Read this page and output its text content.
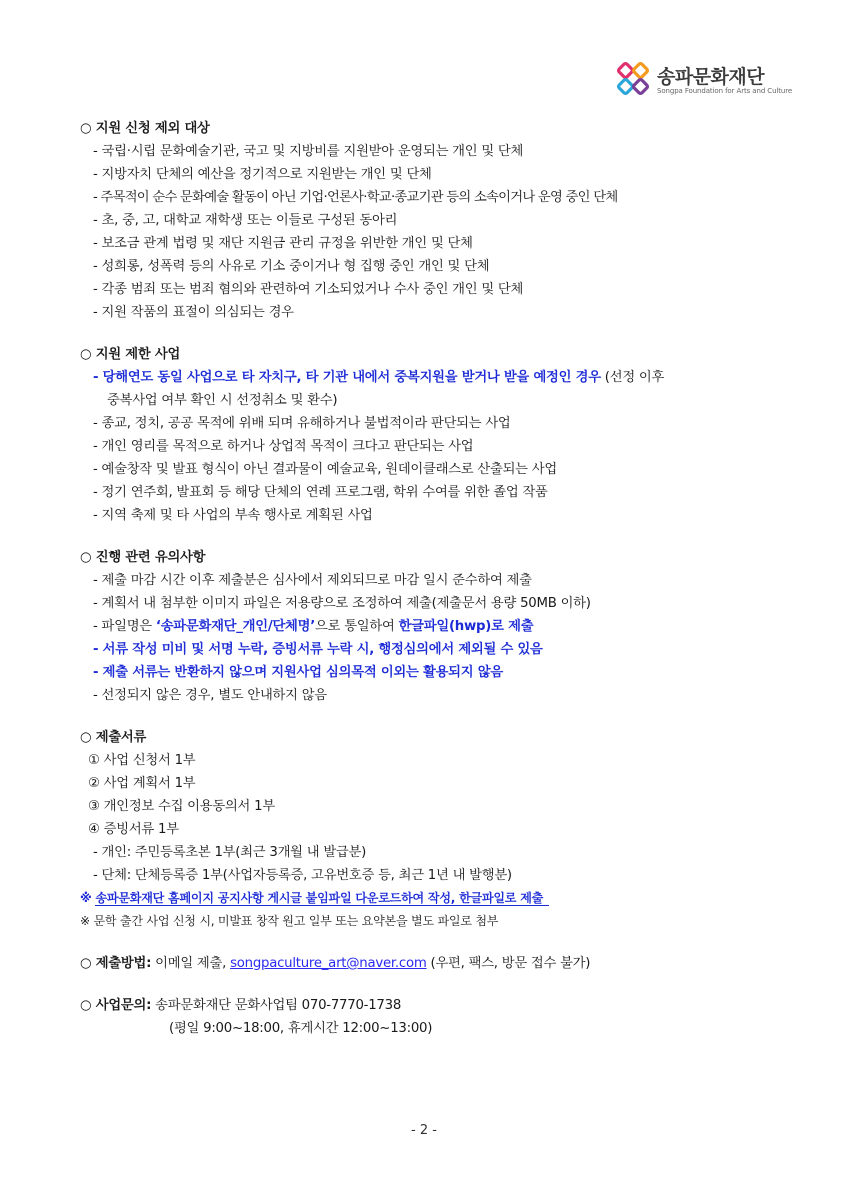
송파문화재단
Songpa Foundation for Arts and Culture
○ 지원 신청 제외 대상
- 국립·시립 문화예술기관, 국고 및 지방비를 지원받아 운영되는 개인 및 단체
- 지방자치 단체의 예산을 정기적으로 지원받는 개인 및 단체
- 주목적이 순수 문화예술 활동이 아닌 기업·언론사·학교·종교기관 등의 소속이거나 운영 중인 단체
- 초, 중, 고, 대학교 재학생 또는 이들로 구성된 동아리
- 보조금 관계 법령 및 재단 지원금 관리 규정을 위반한 개인 및 단체
- 성희롱, 성폭력 등의 사유로 기소 중이거나 형 집행 중인 개인 및 단체
- 각종 범죄 또는 범죄 혐의와 관련하여 기소되었거나 수사 중인 개인 및 단체
- 지원 작품의 표절이 의심되는 경우
○ 지원 제한 사업
- 당해연도 동일 사업으로 타 자치구, 타 기관 내에서 중복지원을 받거나 받을 예정인 경우 (선정 이후
중복사업 여부 확인 시 선정취소 및 환수)
- 종교, 정치, 공공 목적에 위배 되며 유해하거나 불법적이라 판단되는 사업
- 개인 영리를 목적으로 하거나 상업적 목적이 크다고 판단되는 사업
- 예술창작 및 발표 형식이 아닌 결과물이 예술교육, 원데이클래스로 산출되는 사업
- 정기 연주회, 발표회 등 해당 단체의 연례 프로그램, 학위 수여를 위한 졸업 작품
- 지역 축제 및 타 사업의 부속 행사로 계획된 사업
○ 진행 관련 유의사항
- 제출 마감 시간 이후 제출분은 심사에서 제외되므로 마감 일시 준수하여 제출
- 계획서 내 첨부한 이미지 파일은 저용량으로 조정하여 제출(제출문서 용량 50MB 이하)
- 파일명은 ‘송파문화재단_개인/단체명’으로 통일하여 한글파일(hwp)로 제출
- 서류 작성 미비 및 서명 누락, 증빙서류 누락 시, 행정심의에서 제외될 수 있음
- 제출 서류는 반환하지 않으며 지원사업 심의목적 이외는 활용되지 않음
- 선정되지 않은 경우, 별도 안내하지 않음
○ 제출서류
① 사업 신청서 1부
② 사업 계획서 1부
③ 개인정보 수집 이용동의서 1부
④ 증빙서류 1부
- 개인: 주민등록초본 1부(최근 3개월 내 발급분)
- 단체: 단체등록증 1부(사업자등록증, 고유번호증 등, 최근 1년 내 발행분)
※ 송파문화재단 홈페이지 공지사항 게시글 붙임파일 다운로드하여 작성, 한글파일로 제출
※ 문학 출간 사업 신청 시, 미발표 창작 원고 일부 또는 요약본을 별도 파일로 첨부
○ 제출방법: 이메일 제출, songpaculture_art@naver.com (우편, 팩스, 방문 접수 불가)
○ 사업문의: 송파문화재단 문화사업팀 070-7770-1738
(평일 9:00~18:00, 휴게시간 12:00~13:00)
- 2 -
